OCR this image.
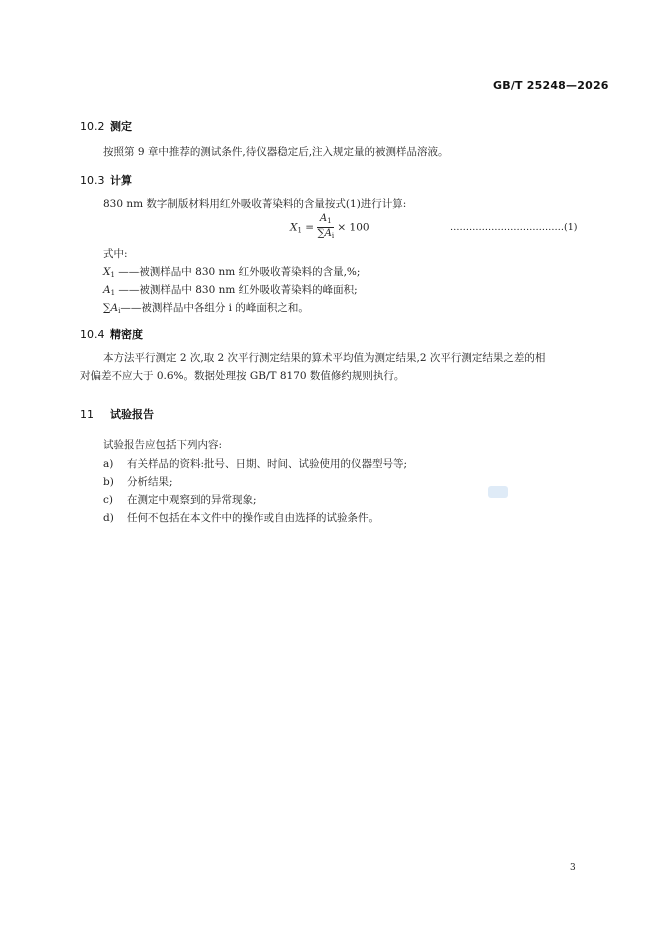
GB/T 25248—2026
10.2 测定
按照第 9 章中推荐的测试条件,待仪器稳定后,注入规定量的被测样品溶液。
10.3 计算
830 nm 数字制版材料用红外吸收菁染料的含量按式(1)进行计算:
$X_1 = \frac{A_1}{\sum A_i} \times 100$	………………………………(1)
式中:
$X_1$ ——被测样品中 830 nm 红外吸收菁染料的含量,%;
$A_1$ ——被测样品中 830 nm 红外吸收菁染料的峰面积;
$\sum A_i——$被测样品中各组分 i 的峰面积之和。
10.4 精密度
本方法平行测定 2 次,取 2 次平行测定结果的算术平均值为测定结果,2 次平行测定结果之差的相
对偏差不应大于 0.6%。数据处理按 GB/T 8170 数值修约规则执行。
11 试验报告
试验报告应包括下列内容:
a) 有关样品的资料:批号、日期、时间、试验使用的仪器型号等;
b) 分析结果;
c) 在测定中观察到的异常现象;
d) 任何不包括在本文件中的操作或自由选择的试验条件。
3
